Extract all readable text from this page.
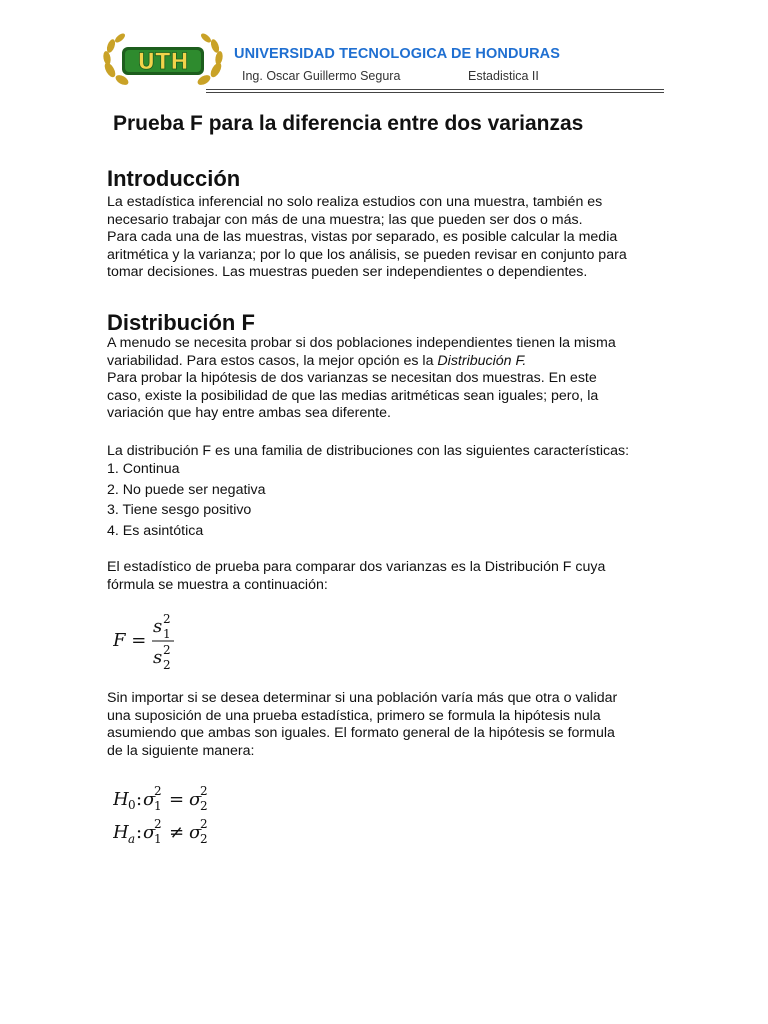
UTH	UNIVERSIDAD TECNOLOGICA DE HONDURAS
Ing. Oscar Guillermo Segura	Estadistica II
Prueba F para la diferencia entre dos varianzas
Introducción
La estadística inferencial no solo realiza estudios con una muestra, también es
necesario trabajar con más de una muestra; las que pueden ser dos o más.
Para cada una de las muestras, vistas por separado, es posible calcular la media
aritmética y la varianza; por lo que los análisis, se pueden revisar en conjunto para
tomar decisiones. Las muestras pueden ser independientes o dependientes.
Distribución F
A menudo se necesita probar si dos poblaciones independientes tienen la misma
variabilidad. Para estos casos, la mejor opción es la Distribución F.
Para probar la hipótesis de dos varianzas se necesitan dos muestras. En este
caso, existe la posibilidad de que las medias aritméticas sean iguales; pero, la
variación que hay entre ambas sea diferente.
La distribución F es una familia de distribuciones con las siguientes características:
1. Continua
2. No puede ser negativa
3. Tiene sesgo positivo
4. Es asintótica
El estadístico de prueba para comparar dos varianzas es la Distribución F cuya
fórmula se muestra a continuación:
F =
s 1
2
s 2
2
Sin importar si se desea determinar si una población varía más que otra o validar
una suposición de una prueba estadística, primero se formula la hipótesis nula
asumiendo que ambas son iguales. El formato general de la hipótesis se formula
de la siguiente manera:
H 0 : σ
2
1 = σ
2
2
H a : σ
2
1 ≠ σ
2
2
